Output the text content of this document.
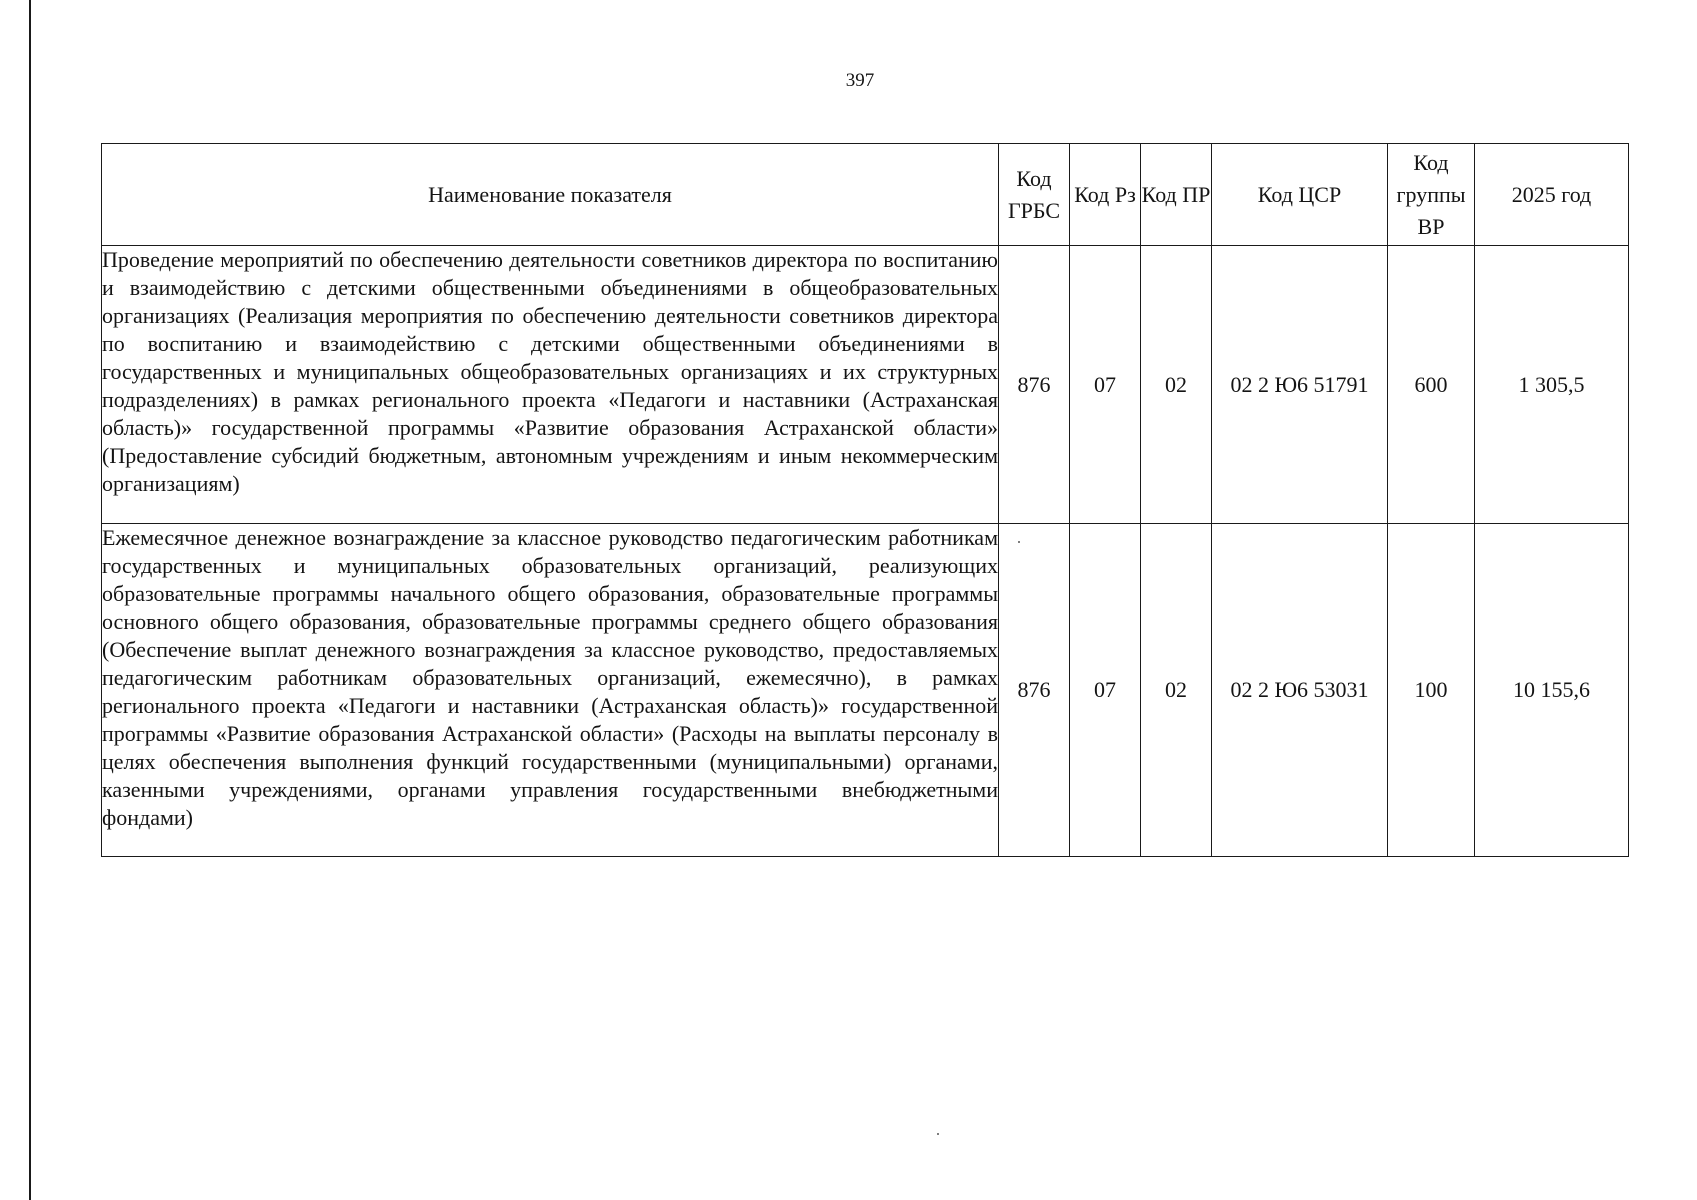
397
Наименование показателя	Код ГРБС	Код Рз	Код ПР	Код ЦСР	Код группы ВР	2025 год
Проведение мероприятий по обеспечению деятельности советников директора по воспитанию и взаимодействию с детскими общественными объединениями в общеобразовательных организациях (Реализация мероприятия по обеспечению деятельности советников директора по воспитанию и взаимодействию с детскими общественными объединениями в государственных и муниципальных общеобразовательных организациях и их структурных подразделениях) в рамках регионального проекта «Педагоги и наставники (Астраханская область)» государственной программы «Развитие образования Астраханской области» (Предоставление субсидий бюджетным, автономным учреждениям и иным некоммерческим организациям)	876	07	02	02 2 Ю6 51791	600	1 305,5
Ежемесячное денежное вознаграждение за классное руководство педагогическим работникам государственных и муниципальных образовательных организаций, реализующих образовательные программы начального общего образования, образовательные программы основного общего образования, образовательные программы среднего общего образования (Обеспечение выплат денежного вознаграждения за классное руководство, предоставляемых педагогическим работникам образовательных организаций, ежемесячно), в рамках регионального проекта «Педагоги и наставники (Астраханская область)» государственной программы «Развитие образования Астраханской области» (Расходы на выплаты персоналу в целях обеспечения выполнения функций государственными (муниципальными) органами, казенными учреждениями, органами управления государственными внебюджетными фондами)	876	07	02	02 2 Ю6 53031	100	10 155,6
